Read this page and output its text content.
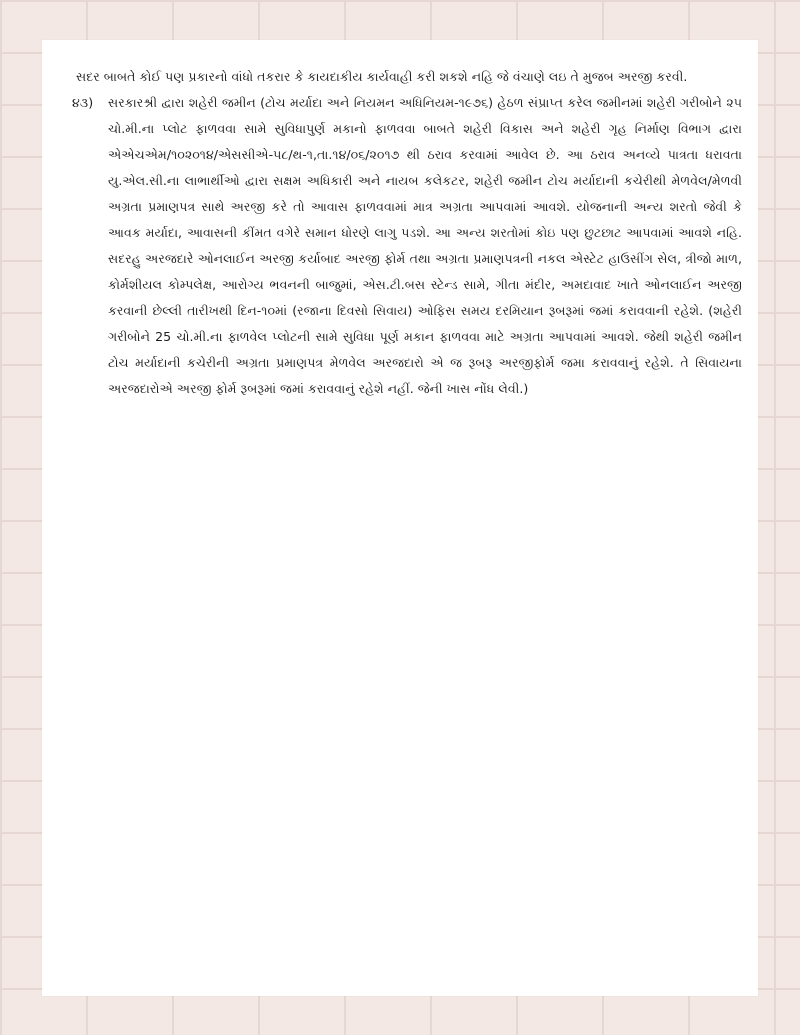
સદર બાબતે કોઈ પણ પ્રકારનો વાંધો તકરાર કે કાયદાકીય કાર્યવાહી કરી શકશે નહિ જે વંચાણે લઇ તે મુજબ અરજી કરવી.

૪૩)	સરકારશ્રી દ્વારા શહેરી જમીન (ટોચ મર્યાદા અને નિયમન અધિનિયમ-૧૯૭૬) હેઠળ સંપ્રાપ્ત કરેલ જમીનમાં શહેરી ગરીબોને ૨૫ ચો.મી.ના પ્લોટ ફાળવવા સામે સુવિધાપુર્ણ મકાનો ફાળવવા બાબતે શહેરી વિકાસ અને શહેરી ગૃહ નિર્માણ વિભાગ દ્વારા એએચએમ/૧૦૨૦૧૪/એસસીએ-૫૮/થ-૧,તા.૧૪/૦૬/૨૦૧૭ થી ઠરાવ કરવામાં આવેલ છે. આ ઠરાવ અનવ્યે પાત્રતા ધરાવતા યુ.એલ.સી.ના લાભાર્થીઓ દ્વારા સક્ષમ અધિકારી અને નાયબ કલેકટર, શહેરી જમીન ટોચ મર્યાદાની કચેરીથી મેળવેલ/મેળવી અગ્રતા પ્રમાણપત્ર સાથે અરજી કરે તો આવાસ ફાળવવામાં માત્ર અગ્રતા આપવામાં આવશે. યોજનાની અન્ય શરતો જેવી કે આવક મર્યાદા, આવાસની કીંમત વગેરે સમાન ધોરણે લાગુ પડશે. આ અન્ય શરતોમાં કોઇ પણ છુટછાટ આપવામાં આવશે નહિ. સદરહુ અરજદારે ઓનલાઈન અરજી કર્યાબાદ અરજી ફોર્મ તથા અગ્રતા પ્રમાણપત્રની નકલ એસ્ટેટ હાઉસીંગ સેલ, ત્રીજો માળ, કોર્મશીયલ કોમ્પલેક્ષ, આરોગ્ય ભવનની બાજુમાં, એસ.ટી.બસ સ્ટેન્ડ સામે, ગીતા મંદીર, અમદાવાદ ખાતે ઓનલાઈન અરજી કરવાની છેલ્લી તારીખથી દિન-૧૦માં (રજાના દિવસો સિવાય) ઓફિસ સમય દરમિયાન રૂબરૂમાં જમાં કરાવવાની રહેશે. (શહેરી ગરીબોને 25 ચો.મી.ના ફાળવેલ પ્લોટની સામે સુવિધા પૂર્ણ મકાન ફાળવવા માટે અગ્રતા આપવામાં આવશે. જેથી શહેરી જમીન ટોચ મર્યાદાની કચેરીની અગ્રતા પ્રમાણપત્ર મેળવેલ અરજદારો એ જ રૂબરૂ અરજીફોર્મ જમા કરાવવાનું રહેશે. તે સિવાયના અરજદારોએ અરજી ફોર્મ રૂબરૂમાં જમાં કરાવવાનું રહેશે નહીં. જેની ખાસ નોંધ લેવી.)
